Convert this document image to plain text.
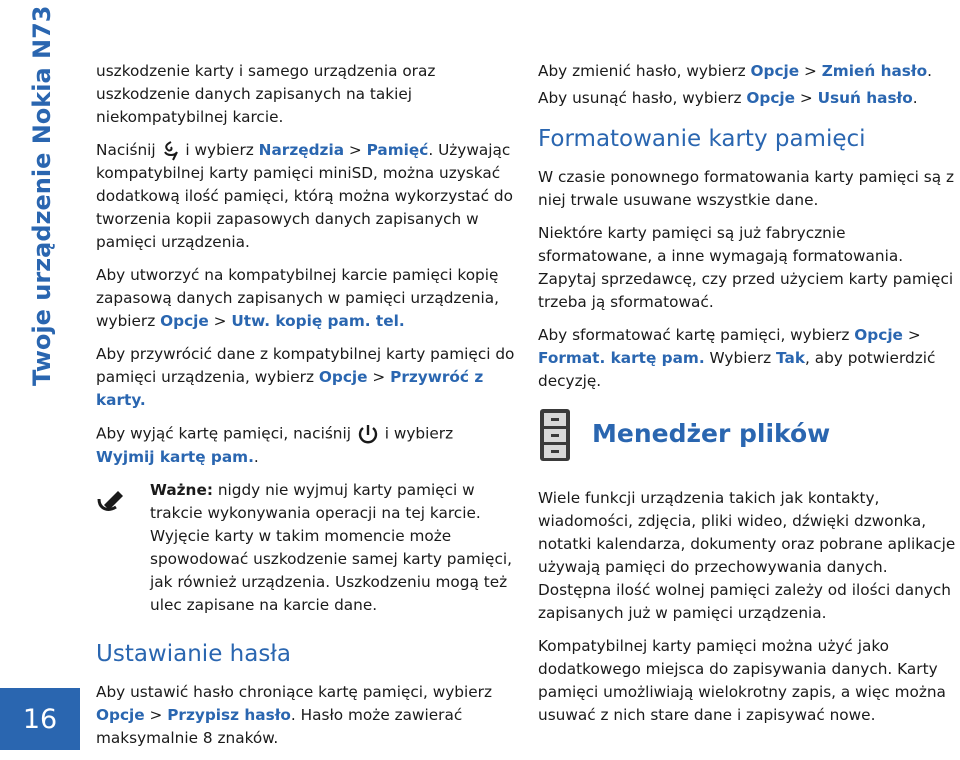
Twoje urządzenie Nokia N73
16

uszkodzenie karty i samego urządzenia oraz uszkodzenie danych zapisanych na takiej niekompatybilnej karcie.

Naciśnij i wybierz Narzędzia > Pamięć. Używając kompatybilnej karty pamięci miniSD, można uzyskać dodatkową ilość pamięci, którą można wykorzystać do tworzenia kopii zapasowych danych zapisanych w pamięci urządzenia.

Aby utworzyć na kompatybilnej karcie pamięci kopię zapasową danych zapisanych w pamięci urządzenia, wybierz Opcje > Utw. kopię pam. tel.

Aby przywrócić dane z kompatybilnej karty pamięci do pamięci urządzenia, wybierz Opcje > Przywróć z karty.

Aby wyjąć kartę pamięci, naciśnij i wybierz Wyjmij kartę pam..

Ważne: nigdy nie wyjmuj karty pamięci w trakcie wykonywania operacji na tej karcie. Wyjęcie karty w takim momencie może spowodować uszkodzenie samej karty pamięci, jak również urządzenia. Uszkodzeniu mogą też ulec zapisane na karcie dane.
Ustawianie hasła

Aby ustawić hasło chroniące kartę pamięci, wybierz Opcje > Przypisz hasło. Hasło może zawierać maksymalnie 8 znaków.

Aby zmienić hasło, wybierz Opcje > Zmień hasło.

Aby usunąć hasło, wybierz Opcje > Usuń hasło.

Formatowanie karty pamięci

W czasie ponownego formatowania karty pamięci są z niej trwale usuwane wszystkie dane.

Niektóre karty pamięci są już fabrycznie sformatowane, a inne wymagają formatowania. Zapytaj sprzedawcę, czy przed użyciem karty pamięci trzeba ją sformatować.

Aby sformatować kartę pamięci, wybierz Opcje > Format. kartę pam. Wybierz Tak, aby potwierdzić decyzję.

Menedżer plików

Wiele funkcji urządzenia takich jak kontakty, wiadomości, zdjęcia, pliki wideo, dźwięki dzwonka, notatki kalendarza, dokumenty oraz pobrane aplikacje używają pamięci do przechowywania danych. Dostępna ilość wolnej pamięci zależy od ilości danych zapisanych już w pamięci urządzenia.

Kompatybilnej karty pamięci można użyć jako dodatkowego miejsca do zapisywania danych. Karty pamięci umożliwiają wielokrotny zapis, a więc można usuwać z nich stare dane i zapisywać nowe.
